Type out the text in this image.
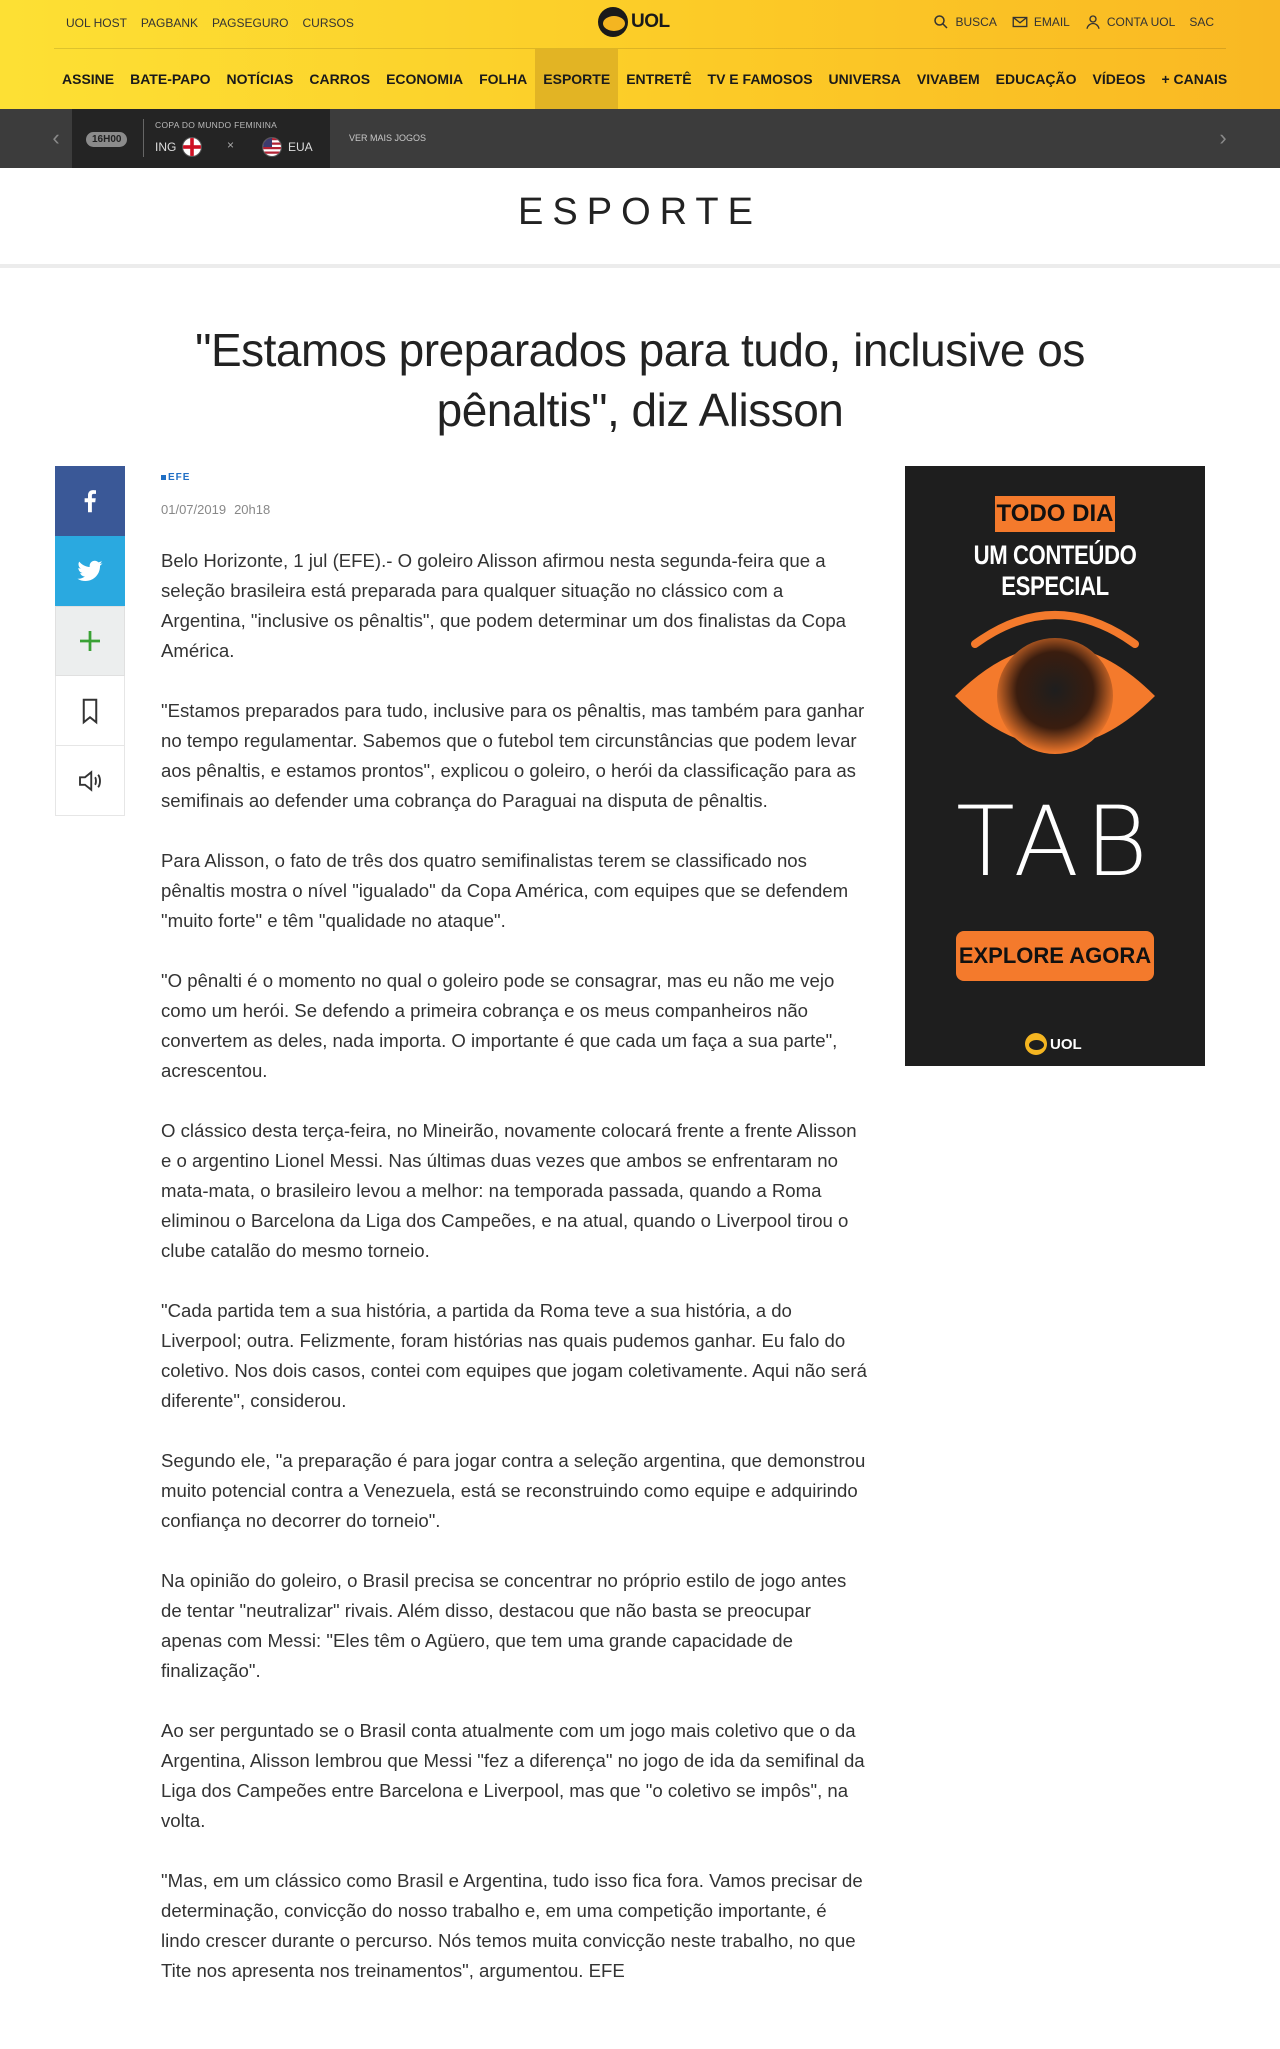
UOL HOST PAGBANK PAGSEGURO CURSOS	UOL	BUSCA	EMAIL	CONTA UOL SAC
ASSINE	BATE-PAPO	NOTÍCIAS	CARROS	ECONOMIA	FOLHA	ESPORTE	ENTRETÊ	TV E FAMOSOS	UNIVERSA	VIVABEM	EDUCAÇÃO	VÍDEOS	+ CANAIS
‹	16H00
COPA DO MUNDO FEMININA
ING	×	EUA
VER MAIS JOGOS	›
ESPORTE
"Estamos preparados para tudo, inclusive os pênaltis", diz Alisson
EFE
01/07/2019 20h18

Belo Horizonte, 1 jul (EFE).- O goleiro Alisson afirmou nesta segunda-feira que a seleção brasileira está preparada para qualquer situação no clássico com a Argentina, "inclusive os pênaltis", que podem determinar um dos finalistas da Copa América.

"Estamos preparados para tudo, inclusive para os pênaltis, mas também para ganhar no tempo regulamentar. Sabemos que o futebol tem circunstâncias que podem levar aos pênaltis, e estamos prontos", explicou o goleiro, o herói da classificação para as semifinais ao defender uma cobrança do Paraguai na disputa de pênaltis.

Para Alisson, o fato de três dos quatro semifinalistas terem se classificado nos pênaltis mostra o nível "igualado" da Copa América, com equipes que se defendem "muito forte" e têm "qualidade no ataque".

"O pênalti é o momento no qual o goleiro pode se consagrar, mas eu não me vejo como um herói. Se defendo a primeira cobrança e os meus companheiros não convertem as deles, nada importa. O importante é que cada um faça a sua parte", acrescentou.

O clássico desta terça-feira, no Mineirão, novamente colocará frente a frente Alisson e o argentino Lionel Messi. Nas últimas duas vezes que ambos se enfrentaram no mata-mata, o brasileiro levou a melhor: na temporada passada, quando a Roma eliminou o Barcelona da Liga dos Campeões, e na atual, quando o Liverpool tirou o clube catalão do mesmo torneio.

"Cada partida tem a sua história, a partida da Roma teve a sua história, a do Liverpool; outra. Felizmente, foram histórias nas quais pudemos ganhar. Eu falo do coletivo. Nos dois casos, contei com equipes que jogam coletivamente. Aqui não será diferente", considerou.

Segundo ele, "a preparação é para jogar contra a seleção argentina, que demonstrou muito potencial contra a Venezuela, está se reconstruindo como equipe e adquirindo confiança no decorrer do torneio".

Na opinião do goleiro, o Brasil precisa se concentrar no próprio estilo de jogo antes de tentar "neutralizar" rivais. Além disso, destacou que não basta se preocupar apenas com Messi: "Eles têm o Agüero, que tem uma grande capacidade de finalização".

Ao ser perguntado se o Brasil conta atualmente com um jogo mais coletivo que o da Argentina, Alisson lembrou que Messi "fez a diferença" no jogo de ida da semifinal da Liga dos Campeões entre Barcelona e Liverpool, mas que "o coletivo se impôs", na volta.

"Mas, em um clássico como Brasil e Argentina, tudo isso fica fora. Vamos precisar de determinação, convicção do nosso trabalho e, em uma competição importante, é lindo crescer durante o percurso. Nós temos muita convicção neste trabalho, no que Tite nos apresenta nos treinamentos", argumentou. EFE

TODO DIA
UM CONTEÚDO ESPECIAL
TAB
EXPLORE AGORA
UOL
